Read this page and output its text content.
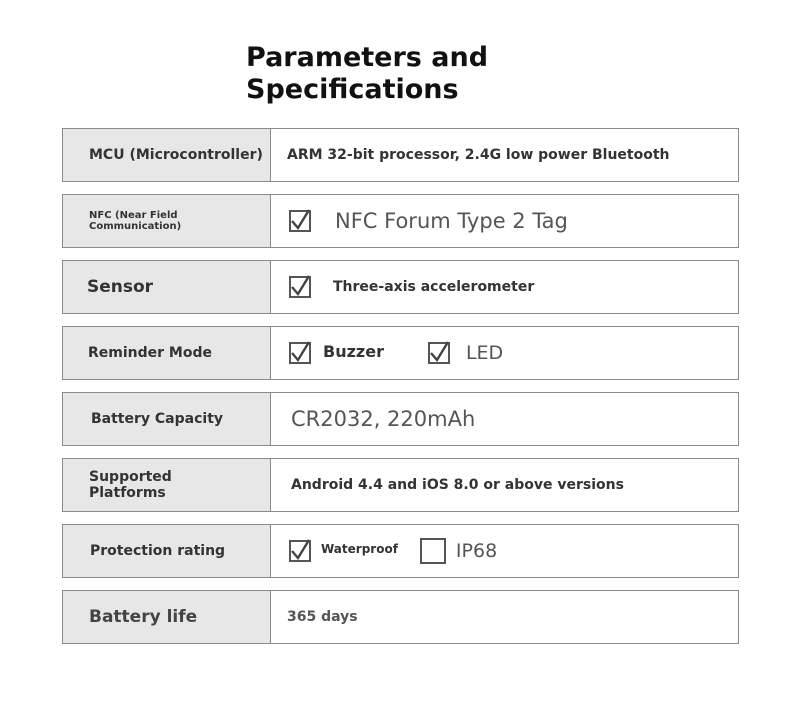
Parameters and
Specifications
MCU (Microcontroller)	ARM 32-bit processor, 2.4G low power Bluetooth
NFC (Near Field Communication)	NFC Forum Type 2 Tag
Sensor	Three-axis accelerometer
Reminder Mode	Buzzer	LED
Battery Capacity	CR2032, 220mAh
Supported Platforms	Android 4.4 and iOS 8.0 or above versions
Protection rating	Waterproof	IP68
Battery life	365 days
